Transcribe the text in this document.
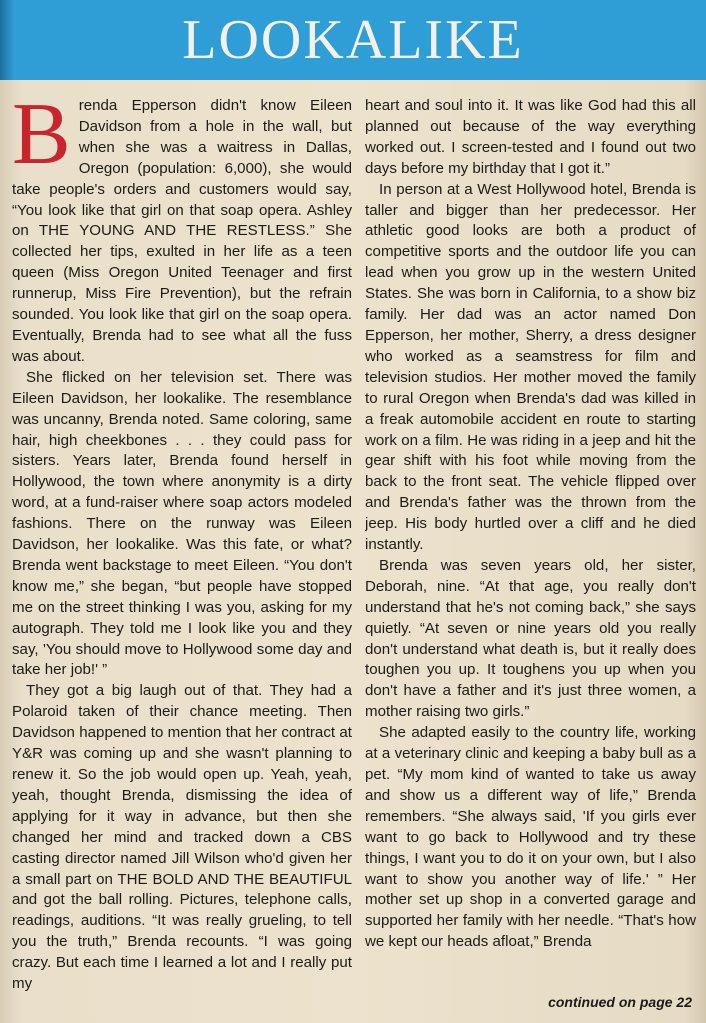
LOOKALIKE
B renda Epperson didn't know Eileen Davidson from a hole in the wall, but when she was a waitress in Dallas, Oregon (population: 6,000), she would take people's orders and customers would say, “You look like that girl on that soap opera. Ashley on THE YOUNG AND THE RESTLESS.” She collected her tips, exulted in her life as a teen queen (Miss Oregon United Teenager and first runnerup, Miss Fire Prevention), but the refrain sounded. You look like that girl on the soap opera. Eventually, Brenda had to see what all the fuss was about.

She flicked on her television set. There was Eileen Davidson, her lookalike. The resemblance was uncanny, Brenda noted. Same coloring, same hair, high cheekbones . . . they could pass for sisters. Years later, Brenda found herself in Hollywood, the town where anonymity is a dirty word, at a fund-raiser where soap actors modeled fashions. There on the runway was Eileen Davidson, her lookalike. Was this fate, or what? Brenda went backstage to meet Eileen. “You don't know me,” she began, “but people have stopped me on the street thinking I was you, asking for my autograph. They told me I look like you and they say, 'You should move to Hollywood some day and take her job!' ”

They got a big laugh out of that. They had a Polaroid taken of their chance meeting. Then Davidson happened to mention that her contract at Y&R was coming up and she wasn't planning to renew it. So the job would open up. Yeah, yeah, yeah, thought Brenda, dismissing the idea of applying for it way in advance, but then she changed her mind and tracked down a CBS casting director named Jill Wilson who'd given her a small part on THE BOLD AND THE BEAUTIFUL and got the ball rolling. Pictures, telephone calls, readings, auditions. “It was really grueling, to tell you the truth,” Brenda recounts. “I was going crazy. But each time I learned a lot and I really put my

heart and soul into it. It was like God had this all planned out because of the way everything worked out. I screen-tested and I found out two days before my birthday that I got it.”

In person at a West Hollywood hotel, Brenda is taller and bigger than her predecessor. Her athletic good looks are both a product of competitive sports and the outdoor life you can lead when you grow up in the western United States. She was born in California, to a show biz family. Her dad was an actor named Don Epperson, her mother, Sherry, a dress designer who worked as a seamstress for film and television studios. Her mother moved the family to rural Oregon when Brenda's dad was killed in a freak automobile accident en route to starting work on a film. He was riding in a jeep and hit the gear shift with his foot while moving from the back to the front seat. The vehicle flipped over and Brenda's father was the thrown from the jeep. His body hurtled over a cliff and he died instantly.

Brenda was seven years old, her sister, Deborah, nine. “At that age, you really don't understand that he's not coming back,” she says quietly. “At seven or nine years old you really don't understand what death is, but it really does toughen you up. It toughens you up when you don't have a father and it's just three women, a mother raising two girls.”

She adapted easily to the country life, working at a veterinary clinic and keeping a baby bull as a pet. “My mom kind of wanted to take us away and show us a different way of life,” Brenda remembers. “She always said, 'If you girls ever want to go back to Hollywood and try these things, I want you to do it on your own, but I also want to show you another way of life.' ” Her mother set up shop in a converted garage and supported her family with her needle. “That's how we kept our heads afloat,” Brenda

continued on page 22
